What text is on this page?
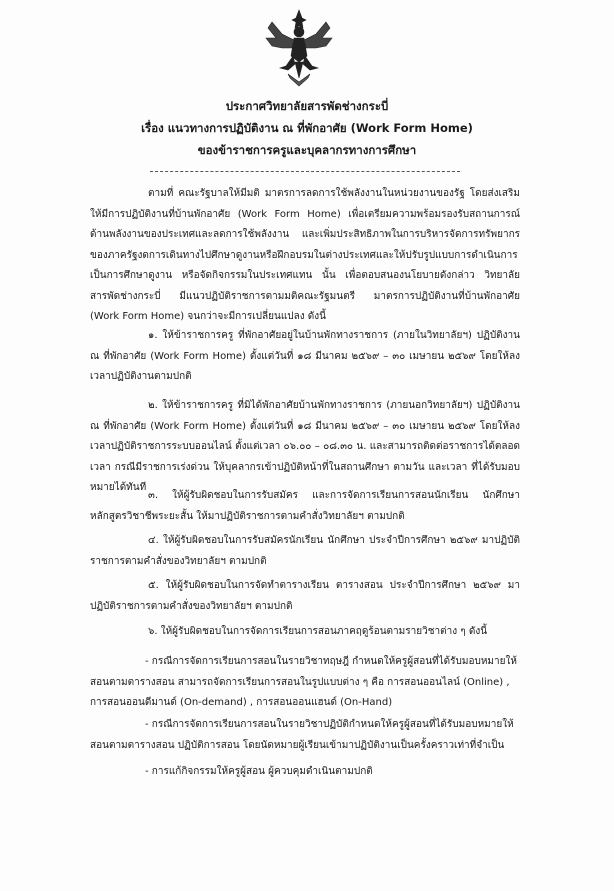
ประกาศวิทยาลัยสารพัดช่างกระบี่
เรื่อง แนวทางการปฏิบัติงาน ณ ที่พักอาศัย (Work Form Home)
ของข้าราชการครูและบุคลากรทางการศึกษา
ตามที่ คณะรัฐบาลให้มีมติ มาตรการลดการใช้พลังงานในหน่วยงานของรัฐ โดยส่งเสริมให้มีการปฏิบัติงานที่บ้านพักอาศัย (Work Form Home) เพื่อเตรียมความพร้อมรองรับสถานการณ์ด้านพลังงานของประเทศและลดการใช้พลังงาน และเพิ่มประสิทธิภาพในการบริหารจัดการทรัพยากรของภาครัฐงดการเดินทางไปศึกษาดูงานหรือฝึกอบรมในต่างประเทศและให้ปรับรูปแบบการดำเนินการเป็นการศึกษาดูงาน หรือจัดกิจกรรมในประเทศแทน นั้น เพื่อตอบสนองนโยบายดังกล่าว วิทยาลัยสารพัดช่างกระบี่ มีแนวปฏิบัติราชการตามมติคณะรัฐมนตรี มาตรการปฏิบัติงานที่บ้านพักอาศัย (Work Form Home) จนกว่าจะมีการเปลี่ยนแปลง ดังนี้
๑. ให้ข้าราชการครู ที่พักอาศัยอยู่ในบ้านพักทางราชการ (ภายในวิทยาลัยฯ) ปฏิบัติงาน ณ ที่พักอาศัย (Work Form Home) ตั้งแต่วันที่ ๑๘ มีนาคม ๒๕๖๙ – ๓๐ เมษายน ๒๕๖๙ โดยให้ลงเวลาปฏิบัติงานตามปกติ
๒. ให้ข้าราชการครู ที่มิได้พักอาศัยบ้านพักทางราชการ (ภายนอกวิทยาลัยฯ) ปฏิบัติงาน ณ ที่พักอาศัย (Work Form Home) ตั้งแต่วันที่ ๑๘ มีนาคม ๒๕๖๙ – ๓๐ เมษายน ๒๕๖๙ โดยให้ลงเวลาปฏิบัติราชการระบบออนไลน์ ตั้งแต่เวลา ๐๖.๐๐ – ๐๘.๓๐ น. และสามารถติดต่อราชการได้ตลอดเวลา กรณีมีราชการเร่งด่วน ให้บุคลากรเข้าปฏิบัติหน้าที่ในสถานศึกษา ตามวัน และเวลา ที่ได้รับมอบหมายได้ทันที
๓. ให้ผู้รับผิดชอบในการรับสมัคร และการจัดการเรียนการสอนนักเรียน นักศึกษา หลักสูตรวิชาชีพระยะสั้น ให้มาปฏิบัติราชการตามคำสั่งวิทยาลัยฯ ตามปกติ
๔. ให้ผู้รับผิดชอบในการรับสมัครนักเรียน นักศึกษา ประจำปีการศึกษา ๒๕๖๙ มาปฏิบัติราชการตามคำสั่งของวิทยาลัยฯ ตามปกติ
๕. ให้ผู้รับผิดชอบในการจัดทำตารางเรียน ตารางสอน ประจำปีการศึกษา ๒๕๖๙ มาปฏิบัติราชการตามคำสั่งของวิทยาลัยฯ ตามปกติ
๖. ให้ผู้รับผิดชอบในการจัดการเรียนการสอนภาคฤดูร้อนตามรายวิชาต่าง ๆ ดังนี้
- กรณีการจัดการเรียนการสอนในรายวิชาทฤษฎี กำหนดให้ครูผู้สอนที่ได้รับมอบหมายให้สอนตามตารางสอน สามารถจัดการเรียนการสอนในรูปแบบต่าง ๆ คือ การสอนออนไลน์ (Online) , การสอนออนดีมานด์ (On-demand) , การสอนออนแฮนด์ (On-Hand)
- กรณีการจัดการเรียนการสอนในรายวิชาปฏิบัติกำหนดให้ครูผู้สอนที่ได้รับมอบหมายให้สอนตามตารางสอน ปฏิบัติการสอน โดยนัดหมายผู้เรียนเข้ามาปฏิบัติงานเป็นครั้งคราวเท่าที่จำเป็น
- การแก้กิจกรรมให้ครูผู้สอน ผู้ควบคุมดำเนินตามปกติ
